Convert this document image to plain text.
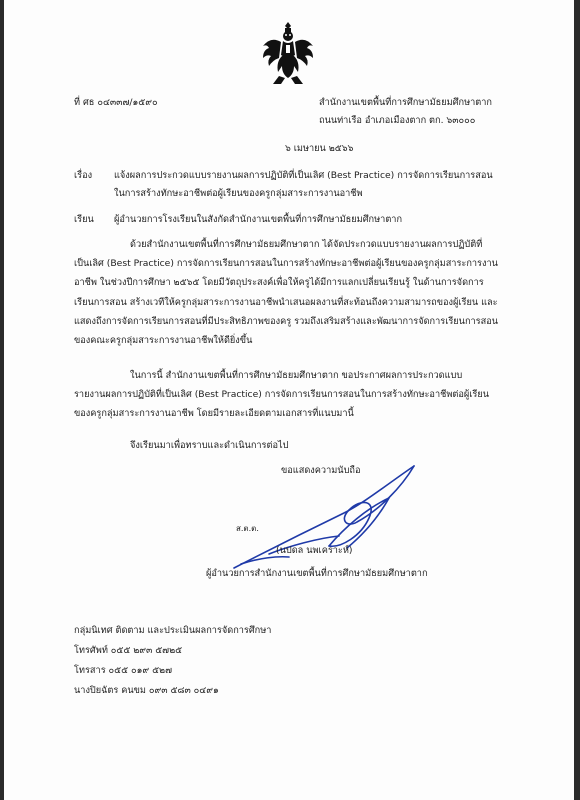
ที่ ศธ ๐๔๓๓๗/๑๕๙๐	สำนักงานเขตพื้นที่การศึกษามัธยมศึกษาตาก
ถนนท่าเรือ อำเภอเมืองตาก ตก. ๖๓๐๐๐
๖ เมษายน ๒๕๖๖
เรื่อง แจ้งผลการประกวดแบบรายงานผลการปฏิบัติที่เป็นเลิศ (Best Practice) การจัดการเรียนการสอน
ในการสร้างทักษะอาชีพต่อผู้เรียนของครูกลุ่มสาระการงานอาชีพ
เรียน ผู้อำนวยการโรงเรียนในสังกัดสำนักงานเขตพื้นที่การศึกษามัธยมศึกษาตาก
ด้วยสำนักงานเขตพื้นที่การศึกษามัธยมศึกษาตาก ได้จัดประกวดแบบรายงานผลการปฏิบัติที่
เป็นเลิศ (Best Practice) การจัดการเรียนการสอนในการสร้างทักษะอาชีพต่อผู้เรียนของครูกลุ่มสาระการงาน
อาชีพ ในช่วงปีการศึกษา ๒๕๖๕ โดยมีวัตถุประสงค์เพื่อให้ครูได้มีการแลกเปลี่ยนเรียนรู้ ในด้านการจัดการ
เรียนการสอน สร้างเวทีให้ครูกลุ่มสาระการงานอาชีพนำเสนอผลงานที่สะท้อนถึงความสามารถของผู้เรียน และ
แสดงถึงการจัดการเรียนการสอนที่มีประสิทธิภาพของครู รวมถึงเสริมสร้างและพัฒนาการจัดการเรียนการสอน
ของคณะครูกลุ่มสาระการงานอาชีพให้ดียิ่งขึ้น
ในการนี้ สำนักงานเขตพื้นที่การศึกษามัธยมศึกษาตาก ขอประกาศผลการประกวดแบบ
รายงานผลการปฏิบัติที่เป็นเลิศ (Best Practice) การจัดการเรียนการสอนในการสร้างทักษะอาชีพต่อผู้เรียน
ของครูกลุ่มสาระการงานอาชีพ โดยมีรายละเอียดตามเอกสารที่แนบมานี้
จึงเรียนมาเพื่อทราบและดำเนินการต่อไป
ขอแสดงความนับถือ
ส.ต.ต.
(นปดล นพเคราะห์)
ผู้อำนวยการสำนักงานเขตพื้นที่การศึกษามัธยมศึกษาตาก
กลุ่มนิเทศ ติดตาม และประเมินผลการจัดการศึกษา
โทรศัพท์ ๐๕๕ ๒๙๓ ๕๗๒๕
โทรสาร ๐๕๕ ๐๑๙ ๕๒๗
นางปิยฉัตร คนขม ๐๙๓ ๕๘๓ ๐๔๙๑
